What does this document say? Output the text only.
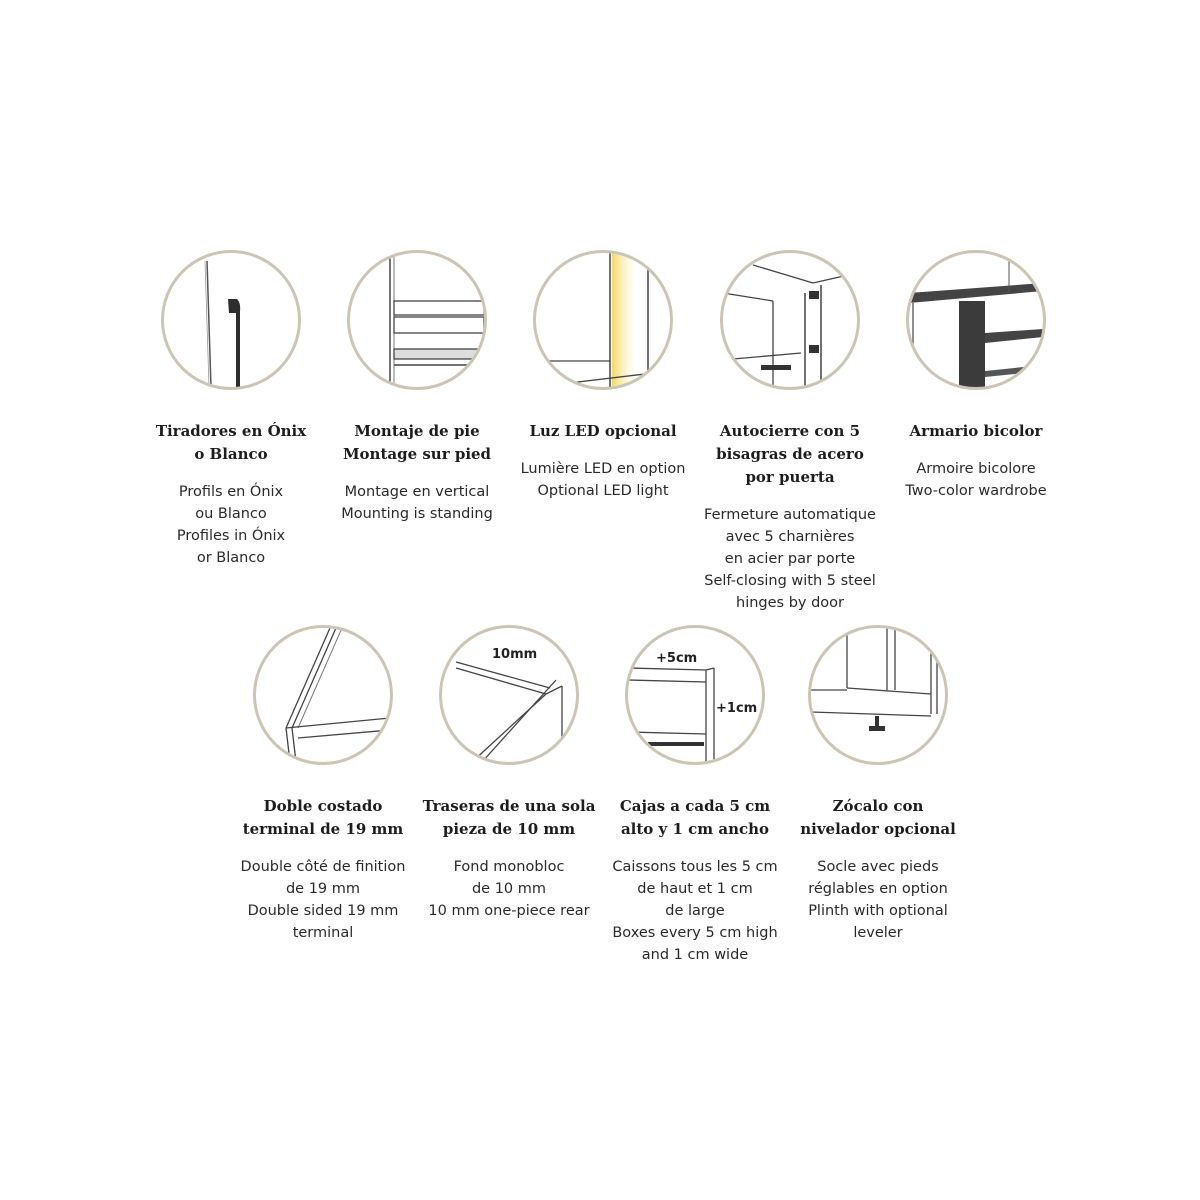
Tiradores en Ónix
o Blanco
Profils en Ónix
ou Blanco
Profiles in Ónix
or Blanco
Montaje de pie
Montage sur pied
Montage en vertical
Mounting is standing
Luz LED opcional
Lumière LED en option
Optional LED light
Autocierre con 5
bisagras de acero
por puerta
Fermeture automatique
avec 5 charnières
en acier par porte
Self-closing with 5 steel
hinges by door
Armario bicolor
Armoire bicolore
Two-color wardrobe
Doble costado
terminal de 19 mm
Double côté de finition
de 19 mm
Double sided 19 mm
terminal
10mm
Traseras de una sola
pieza de 10 mm
Fond monobloc
de 10 mm
10 mm one-piece rear
+5cm
+1cm
Cajas a cada 5 cm
alto y 1 cm ancho
Caissons tous les 5 cm
de haut et 1 cm
de large
Boxes every 5 cm high
and 1 cm wide
Zócalo con
nivelador opcional
Socle avec pieds
réglables en option
Plinth with optional
leveler
